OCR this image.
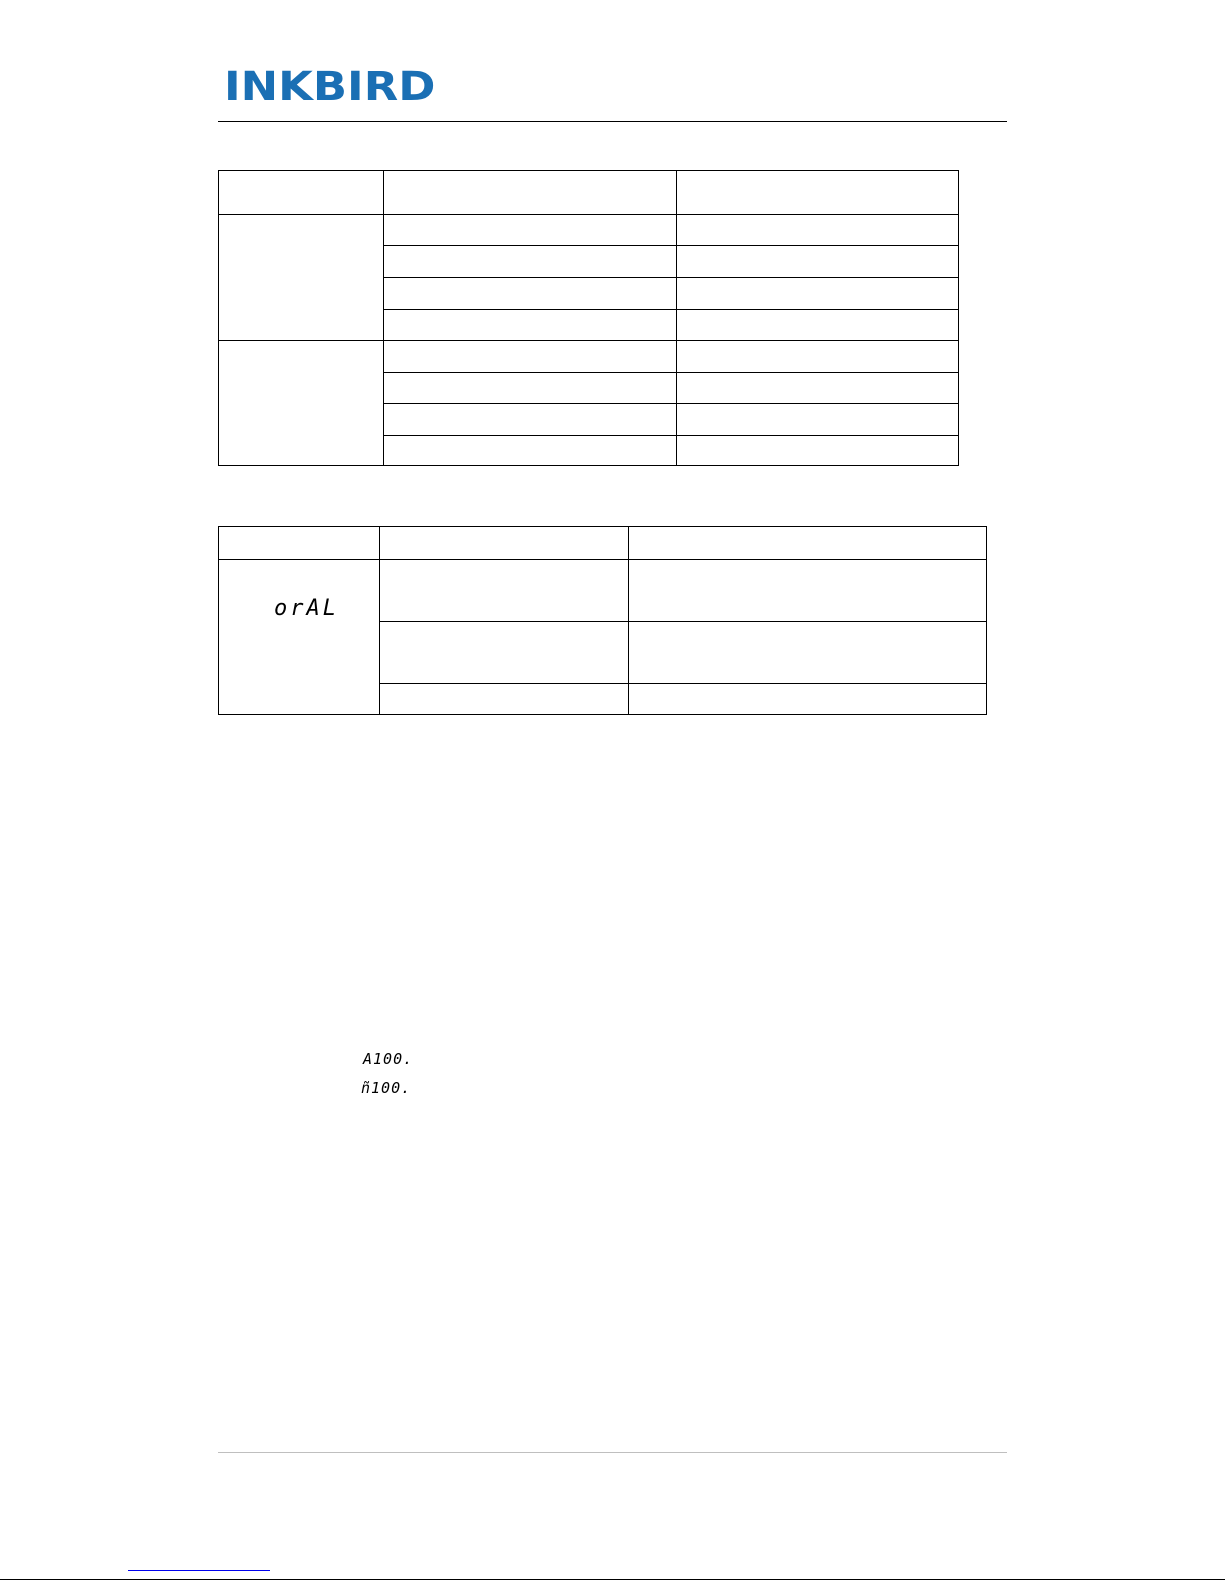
INKBIRD
orAL
A100.
ñ100.
